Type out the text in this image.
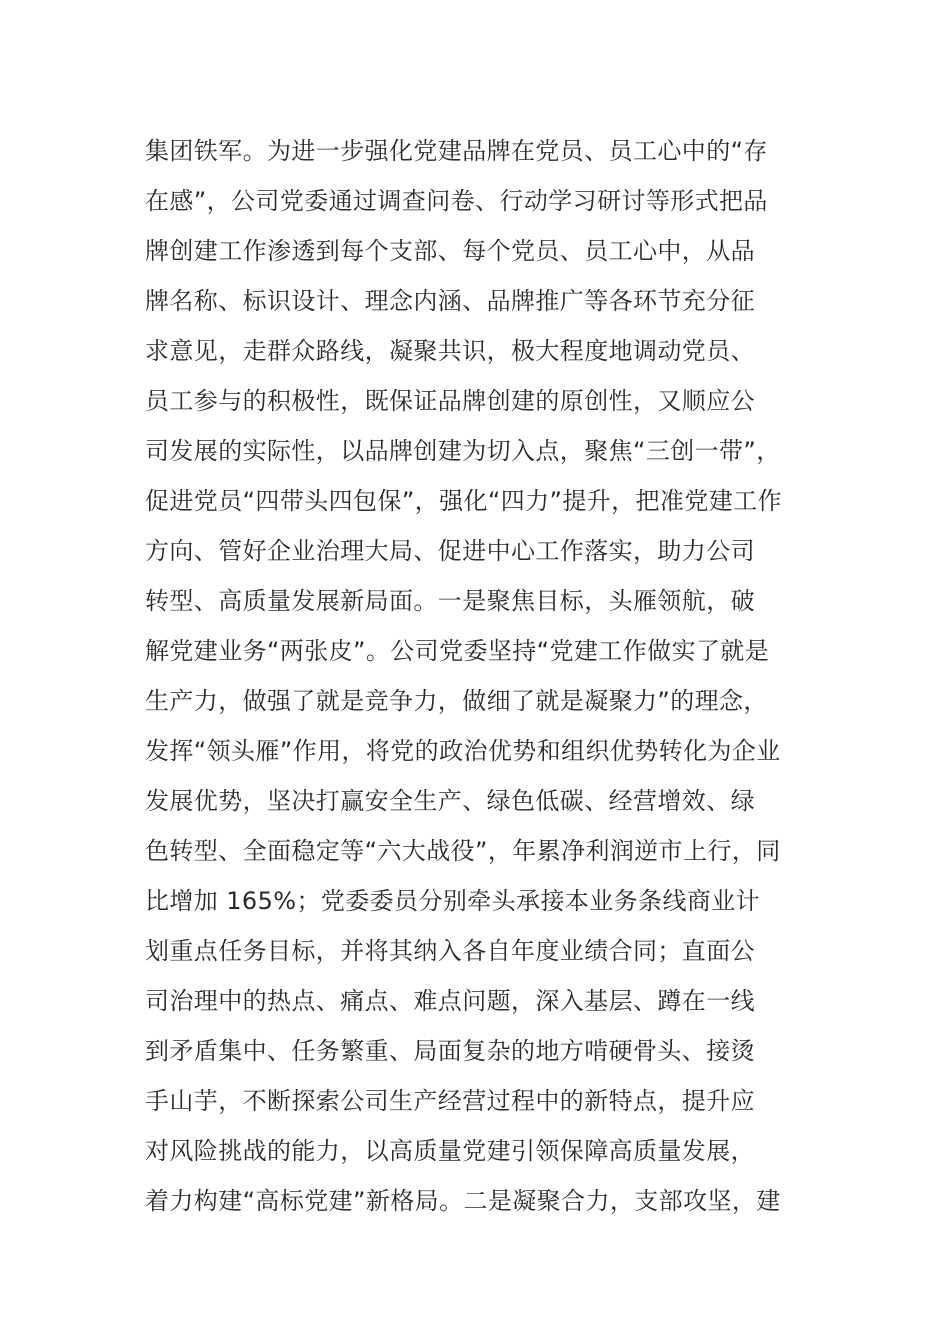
集团铁军。为进一步强化党建品牌在党员、员工心中的“存
在感”，公司党委通过调查问卷、行动学习研讨等形式把品
牌创建工作渗透到每个支部、每个党员、员工心中，从品
牌名称、标识设计、理念内涵、品牌推广等各环节充分征
求意见，走群众路线，凝聚共识，极大程度地调动党员、
员工参与的积极性，既保证品牌创建的原创性，又顺应公
司发展的实际性，以品牌创建为切入点，聚焦“三创一带”，
促进党员“四带头四包保”，强化“四力”提升，把准党建工作
方向、管好企业治理大局、促进中心工作落实，助力公司
转型、高质量发展新局面。一是聚焦目标，头雁领航，破
解党建业务“两张皮”。公司党委坚持“党建工作做实了就是
生产力，做强了就是竞争力，做细了就是凝聚力”的理念，
发挥“领头雁”作用，将党的政治优势和组织优势转化为企业
发展优势，坚决打赢安全生产、绿色低碳、经营增效、绿
色转型、全面稳定等“六大战役”，年累净利润逆市上行，同
比增加 165%；党委委员分别牵头承接本业务条线商业计
划重点任务目标，并将其纳入各自年度业绩合同；直面公
司治理中的热点、痛点、难点问题，深入基层、蹲在一线
到矛盾集中、任务繁重、局面复杂的地方啃硬骨头、接烫
手山芋，不断探索公司生产经营过程中的新特点，提升应
对风险挑战的能力，以高质量党建引领保障高质量发展，
着力构建“高标党建”新格局。二是凝聚合力，支部攻坚，建
